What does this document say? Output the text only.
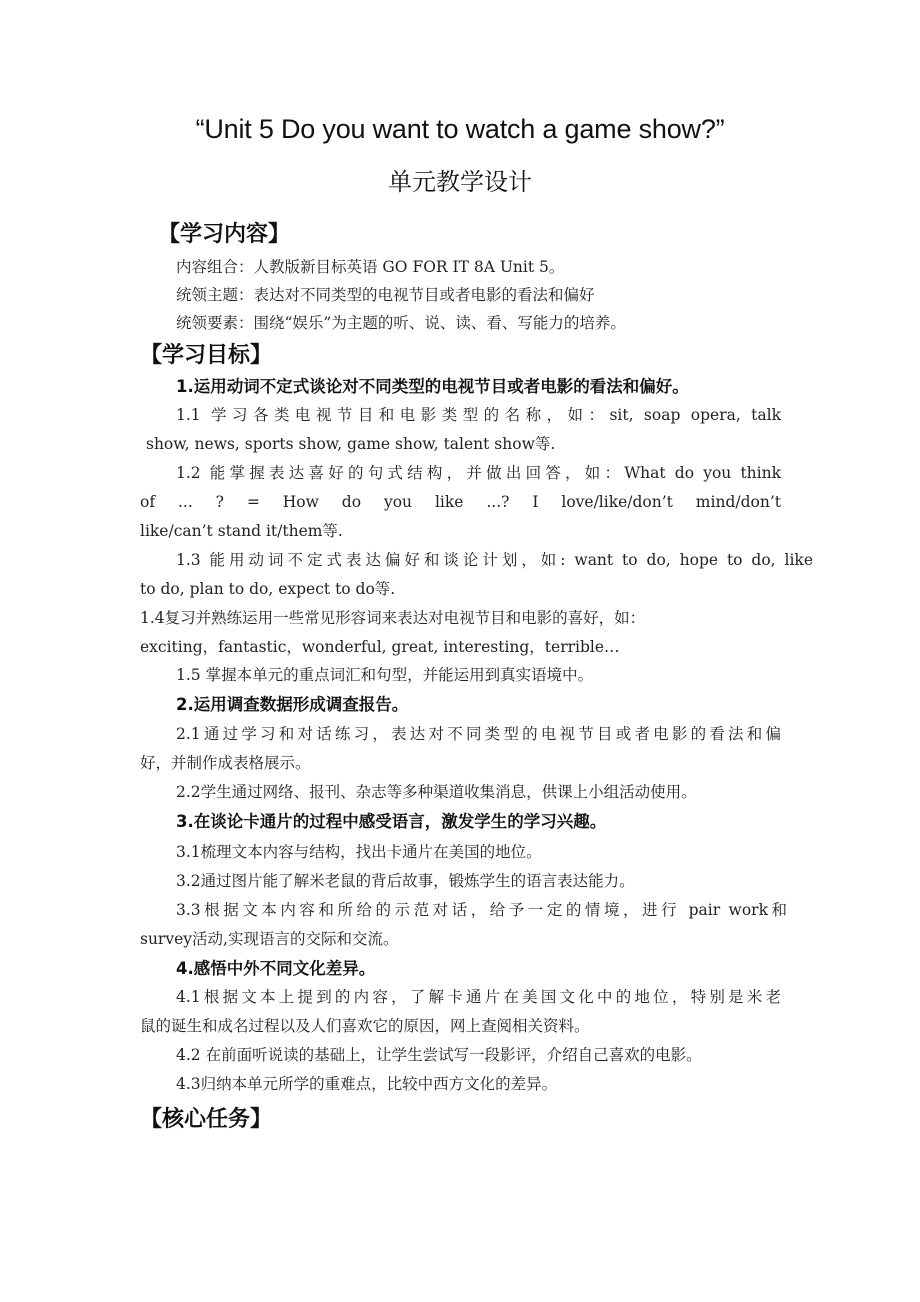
“Unit 5 Do you want to watch a game show?”
单元教学设计
【学习内容】
内容组合：人教版新目标英语 GO FOR IT 8A Unit 5。
统领主题：表达对不同类型的电视节目或者电影的看法和偏好
统领要素：围绕“娱乐”为主题的听、说、读、看、写能力的培养。
【学习目标】
1.运用动词不定式谈论对不同类型的电视节目或者电影的看法和偏好。
1.1 学习各类电视节目和电影类型的名称，如：sit, soap opera, talk
show, news, sports show, game show, talent show等.
1.2 能掌握表达喜好的句式结构，并做出回答，如：What do you think
of ... ? = How do you like ...? I love/like/don’t mind/don’t
like/can’t stand it/them等.
1.3 能用动词不定式表达偏好和谈论计划，如: want to do, hope to do, like
to do, plan to do, expect to do等.
1.4复习并熟练运用一些常见形容词来表达对电视节目和电影的喜好，如：
exciting，fantastic，wonderful, great, interesting，terrible…
1.5 掌握本单元的重点词汇和句型，并能运用到真实语境中。
2.运用调查数据形成调查报告。
2.1通过学习和对话练习，表达对不同类型的电视节目或者电影的看法和偏
好，并制作成表格展示。
2.2学生通过网络、报刊、杂志等多种渠道收集消息，供课上小组活动使用。
3.在谈论卡通片的过程中感受语言，激发学生的学习兴趣。
3.1梳理文本内容与结构，找出卡通片在美国的地位。
3.2通过图片能了解米老鼠的背后故事，锻炼学生的语言表达能力。
3.3根据文本内容和所给的示范对话，给予一定的情境，进行 pair work和
survey活动,实现语言的交际和交流。
4.感悟中外不同文化差异。
4.1根据文本上提到的内容，了解卡通片在美国文化中的地位，特别是米老
鼠的诞生和成名过程以及人们喜欢它的原因，网上查阅相关资料。
4.2 在前面听说读的基础上，让学生尝试写一段影评，介绍自己喜欢的电影。
4.3归纳本单元所学的重难点，比较中西方文化的差异。
【核心任务】
